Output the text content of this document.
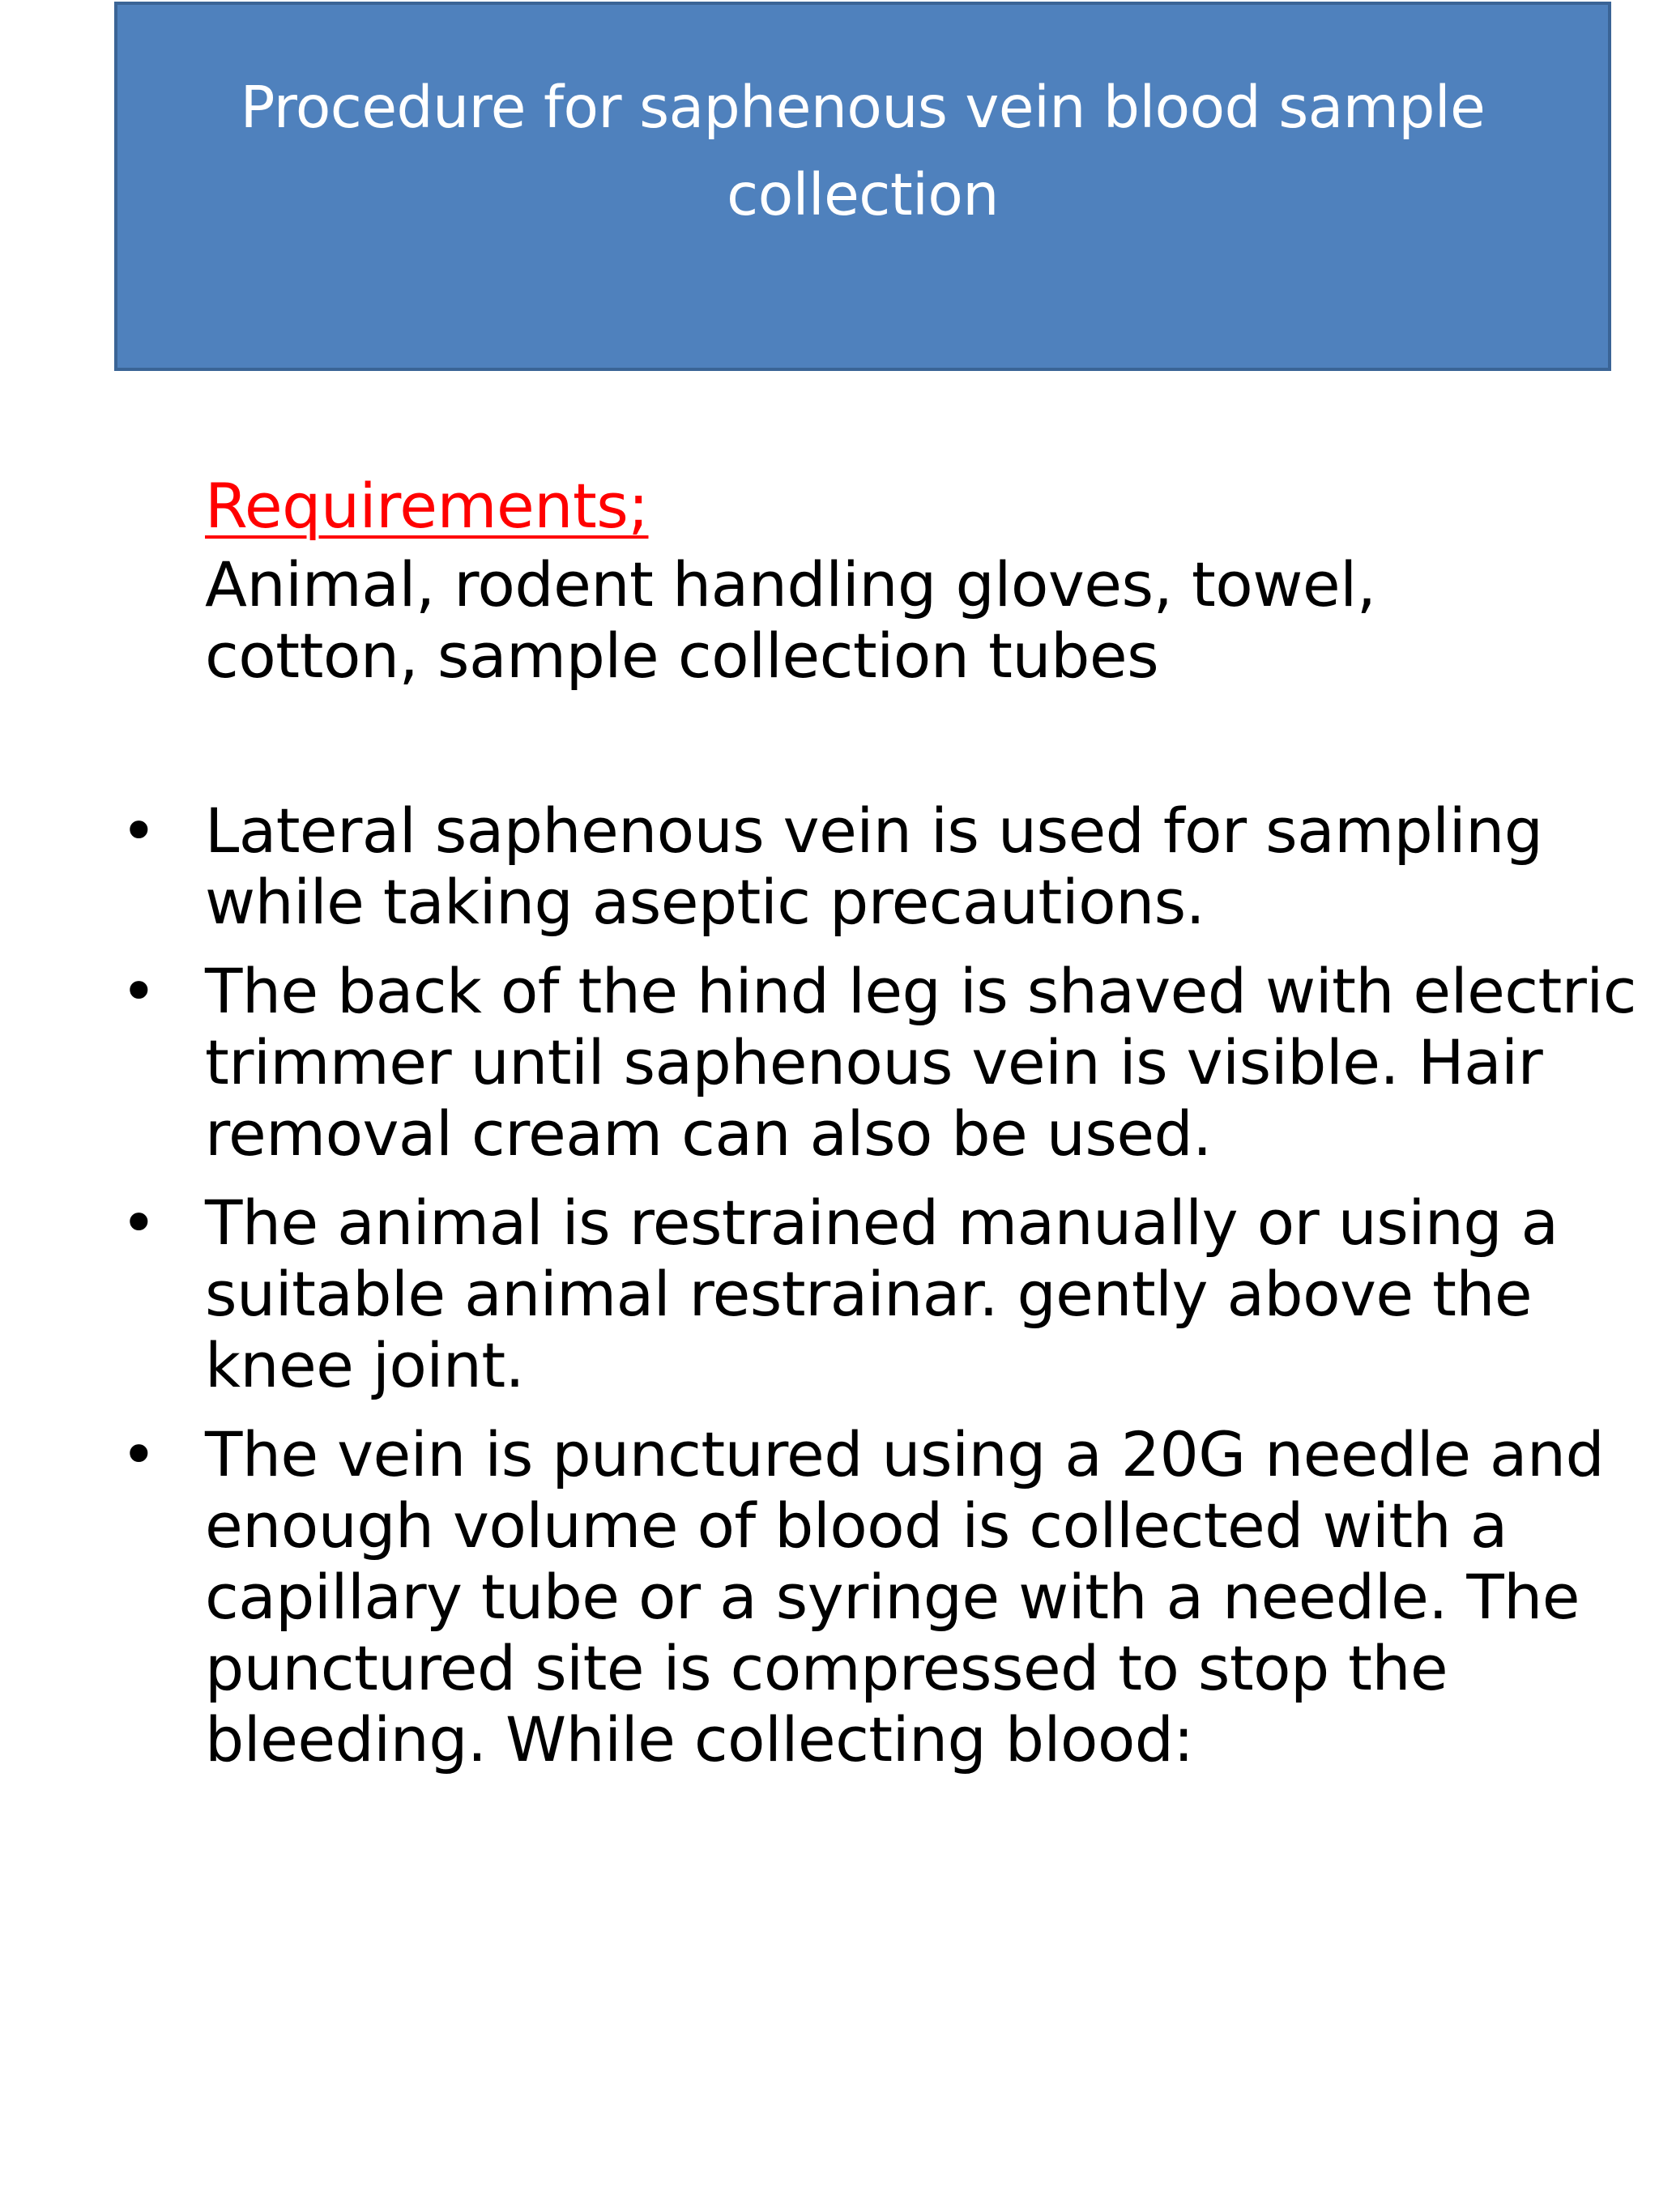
Procedure for saphenous vein blood sample collection
Requirements;
Animal, rodent handling gloves, towel, cotton, sample collection tubes
• Lateral saphenous vein is used for sampling while taking aseptic precautions.
• The back of the hind leg is shaved with electric trimmer until saphenous vein is visible. Hair removal cream can also be used.
• The animal is restrained manually or using a suitable animal restrainar. gently above the knee joint.
• The vein is punctured using a 20G needle and enough volume of blood is collected with a capillary tube or a syringe with a needle. The punctured site is compressed to stop the bleeding. While collecting blood:
